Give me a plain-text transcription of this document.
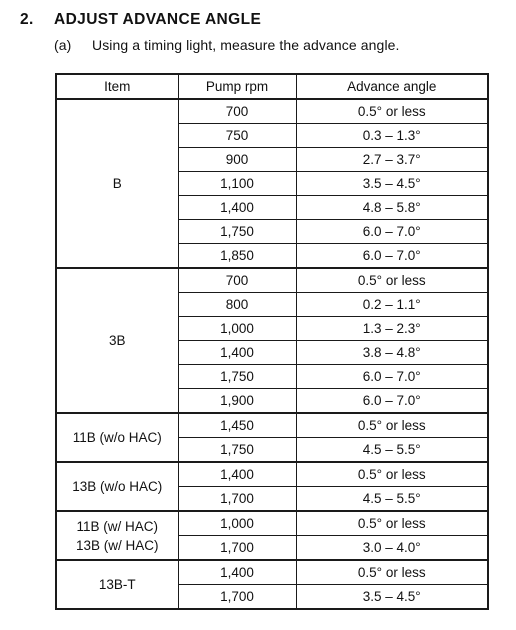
2. ADJUST ADVANCE ANGLE
(a) Using a timing light, measure the advance angle.
Item	Pump rpm	Advance angle
B	700	0.5° or less
	750	0.3 – 1.3°
	900	2.7 – 3.7°
	1,100	3.5 – 4.5°
	1,400	4.8 – 5.8°
	1,750	6.0 – 7.0°
	1,850	6.0 – 7.0°
3B	700	0.5° or less
	800	0.2 – 1.1°
	1,000	1.3 – 2.3°
	1,400	3.8 – 4.8°
	1,750	6.0 – 7.0°
	1,900	6.0 – 7.0°
11B (w/o HAC)	1,450	0.5° or less
	1,750	4.5 – 5.5°
13B (w/o HAC)	1,400	0.5° or less
	1,700	4.5 – 5.5°
11B (w/ HAC)
13B (w/ HAC)	1,000	0.5° or less
	1,700	3.0 – 4.0°
13B-T	1,400	0.5° or less
	1,700	3.5 – 4.5°
